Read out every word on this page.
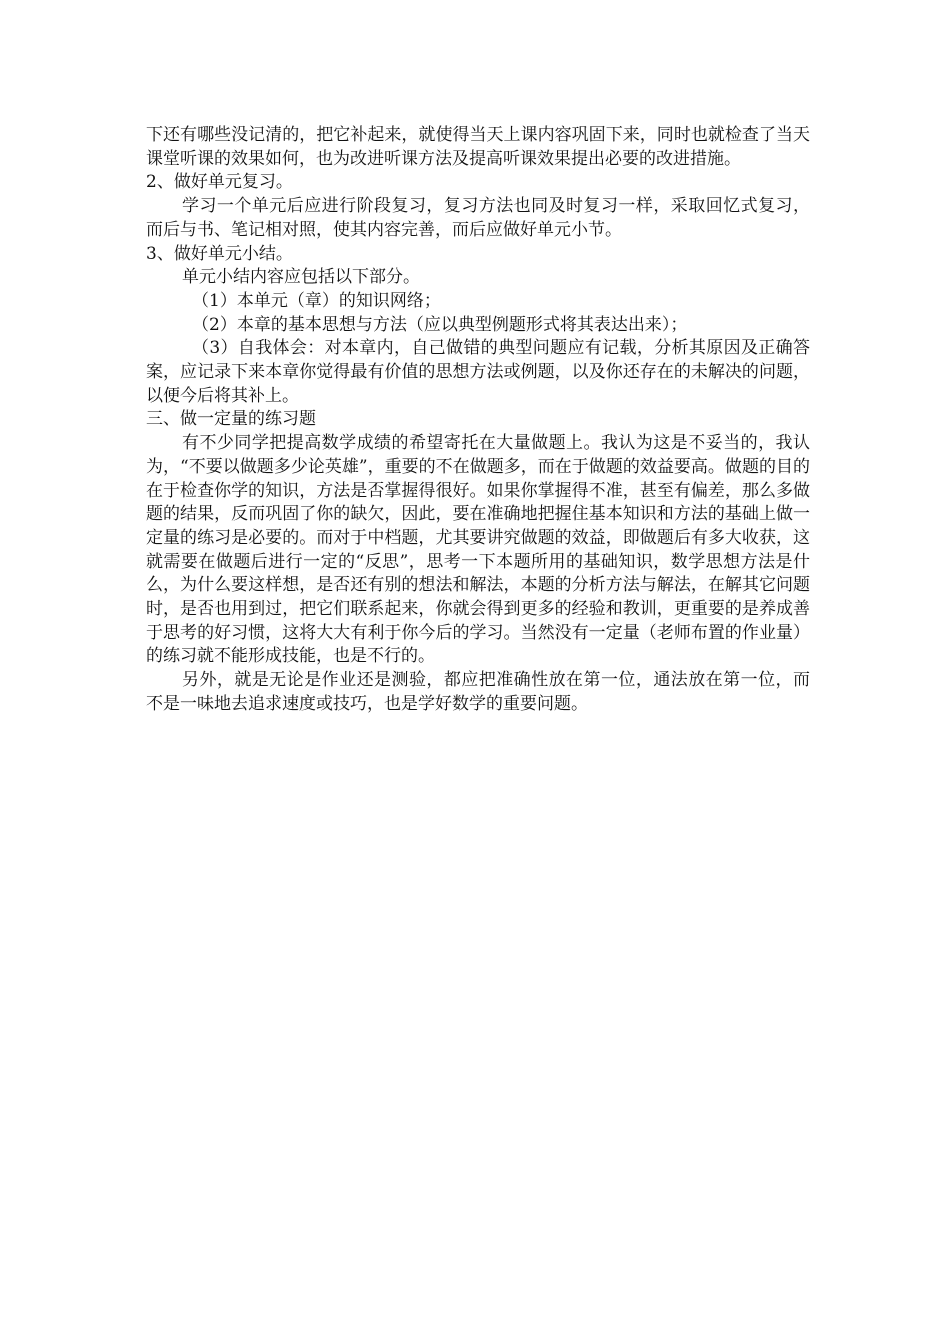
下还有哪些没记清的，把它补起来，就使得当天上课内容巩固下来，同时也就检查了当天课堂听课的效果如何，也为改进听课方法及提高听课效果提出必要的改进措施。

2、做好单元复习。

学习一个单元后应进行阶段复习，复习方法也同及时复习一样，采取回忆式复习，而后与书、笔记相对照，使其内容完善，而后应做好单元小节。

3、做好单元小结。

单元小结内容应包括以下部分。

（1）本单元（章）的知识网络；

（2）本章的基本思想与方法（应以典型例题形式将其表达出来）；

（3）自我体会：对本章内，自己做错的典型问题应有记载，分析其原因及正确答案，应记录下来本章你觉得最有价值的思想方法或例题，以及你还存在的未解决的问题，以便今后将其补上。

三、做一定量的练习题

有不少同学把提高数学成绩的希望寄托在大量做题上。我认为这是不妥当的，我认为，“不要以做题多少论英雄”，重要的不在做题多，而在于做题的效益要高。做题的目的在于检查你学的知识，方法是否掌握得很好。如果你掌握得不准，甚至有偏差，那么多做题的结果，反而巩固了你的缺欠，因此，要在准确地把握住基本知识和方法的基础上做一定量的练习是必要的。而对于中档题，尤其要讲究做题的效益，即做题后有多大收获，这就需要在做题后进行一定的“反思”，思考一下本题所用的基础知识，数学思想方法是什么，为什么要这样想，是否还有别的想法和解法，本题的分析方法与解法，在解其它问题时，是否也用到过，把它们联系起来，你就会得到更多的经验和教训，更重要的是养成善于思考的好习惯，这将大大有利于你今后的学习。当然没有一定量（老师布置的作业量）的练习就不能形成技能，也是不行的。

另外，就是无论是作业还是测验，都应把准确性放在第一位，通法放在第一位，而不是一味地去追求速度或技巧，也是学好数学的重要问题。
